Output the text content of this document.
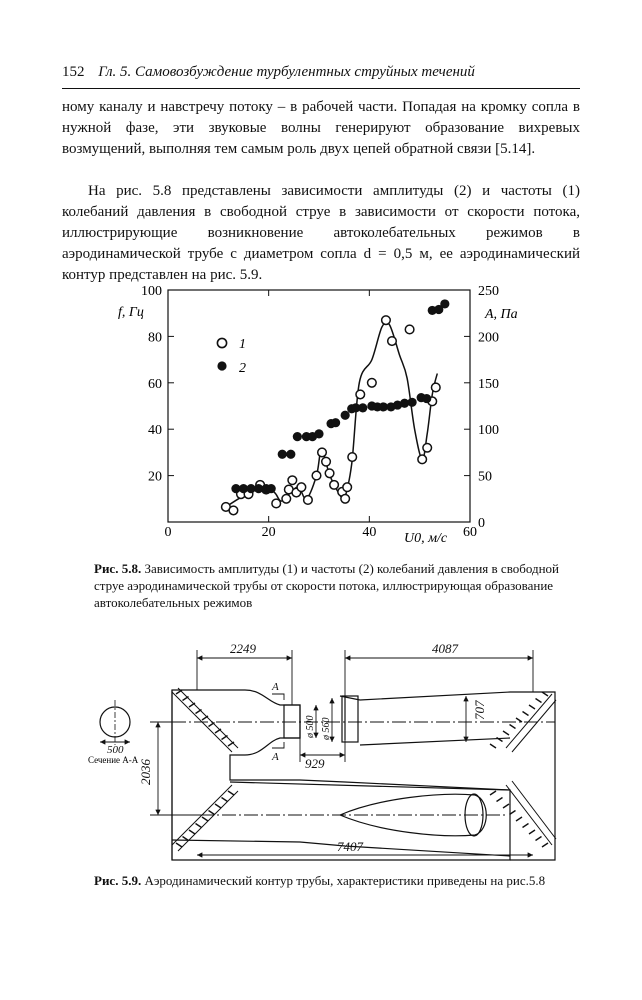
152 Гл. 5. Самовозбуждение турбулентных струйных течений
ному каналу и навстречу потоку – в рабочей части. Попадая на кромку сопла в нужной фазе, эти звуковые волны генерируют образование вихревых возмущений, выполняя тем самым роль двух цепей обратной связи [5.14].
На рис. 5.8 представлены зависимости амплитуды (2) и частоты (1) колебаний давления в свободной струе в зависимости от скорости потока, иллюстрирующие возникновение автоколебательных режимов в аэродинамической трубе с диаметром сопла d = 0,5 м, ее аэродинамический контур представлен на рис. 5.9.
0	20	40	60
20
40
60
80
100
0
50
100
150
200
250
f, Гц	A, Па
U0, м/с
1
2
Рис. 5.8. Зависимость амплитуды (1) и частоты (2) колебаний давления в свободной струе аэродинамической трубы от скорости потока, иллюстрирующая образование автоколебательных режимов
2249	4087
929
707
2036
7407
500
ø 500 ø 560
А
А
Сечение А-А
Рис. 5.9. Аэродинамический контур трубы, характеристики приведены на рис.5.8
